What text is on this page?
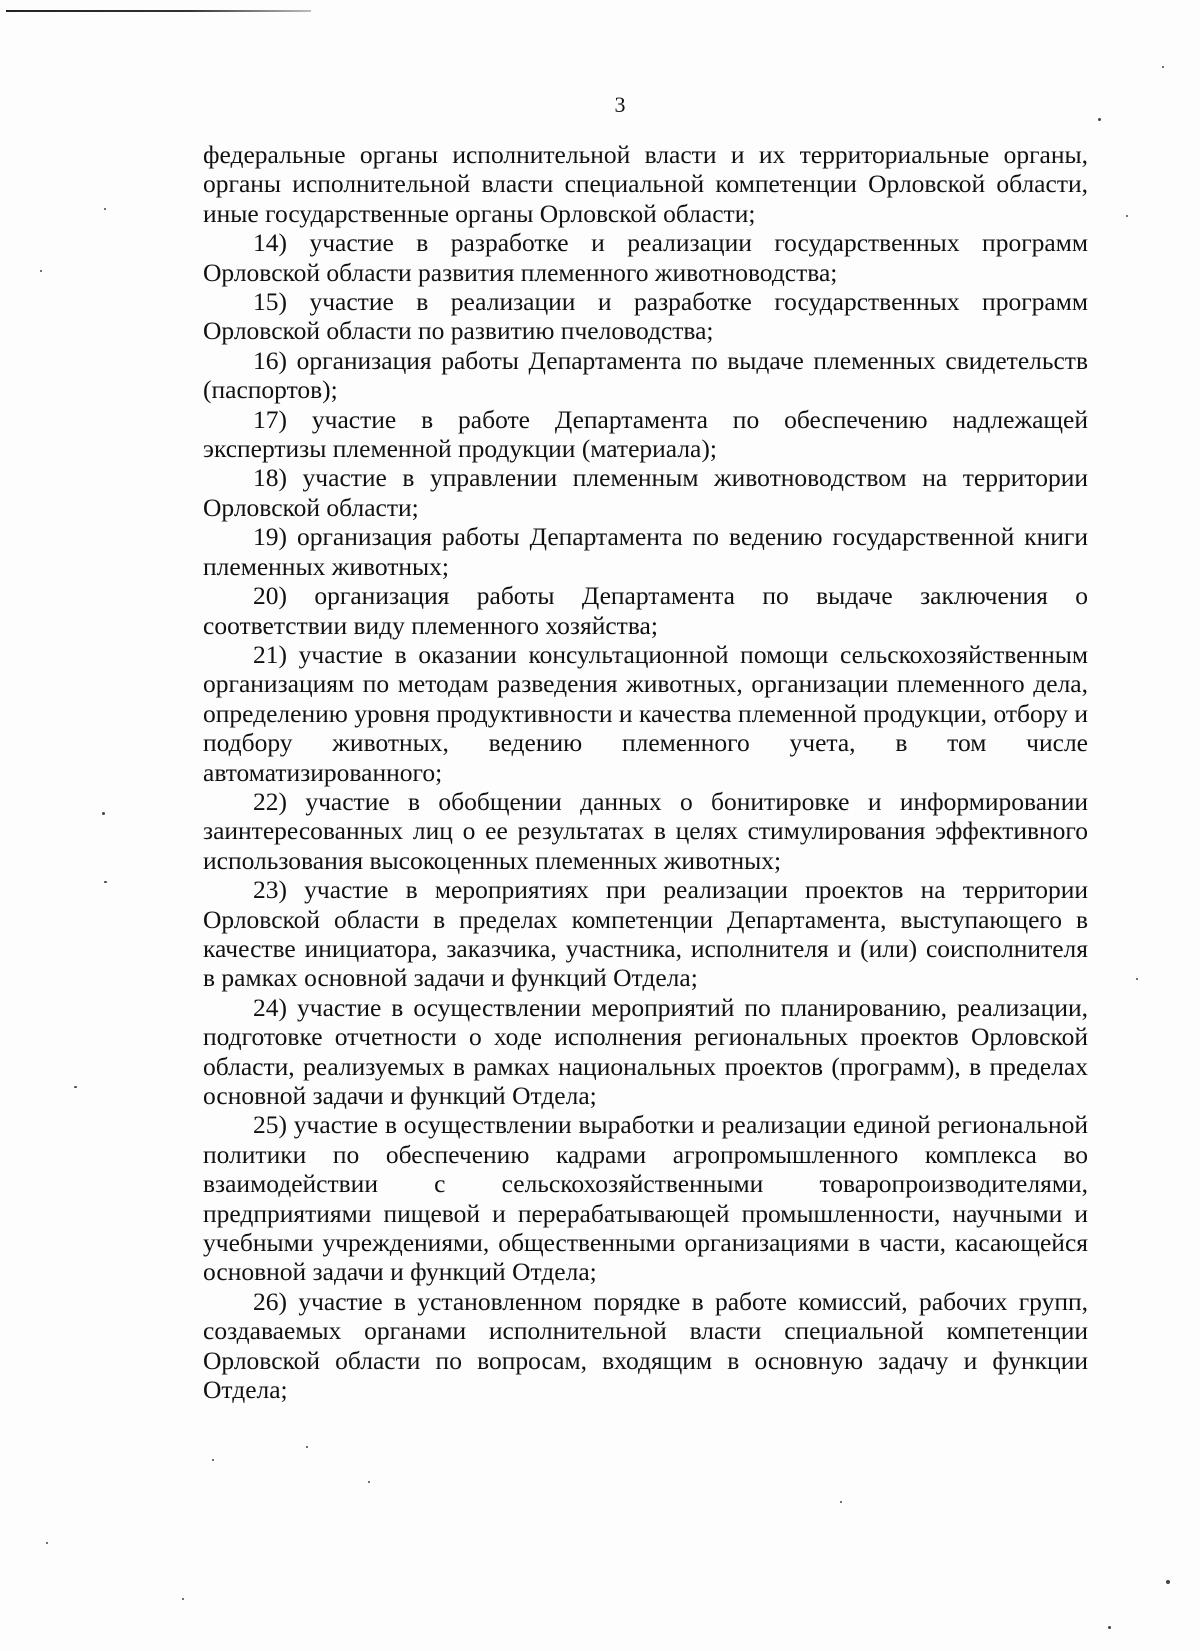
3

федеральные органы исполнительной власти и их территориальные органы, органы исполнительной власти специальной компетенции Орловской области, иные государственные органы Орловской области;

14) участие в разработке и реализации государственных программ Орловской области развития племенного животноводства;

15) участие в реализации и разработке государственных программ Орловской области по развитию пчеловодства;

16) организация работы Департамента по выдаче племенных свидетельств (паспортов);

17) участие в работе Департамента по обеспечению надлежащей экспертизы племенной продукции (материала);

18) участие в управлении племенным животноводством на территории Орловской области;

19) организация работы Департамента по ведению государственной книги племенных животных;

20) организация работы Департамента по выдаче заключения о соответствии виду племенного хозяйства;

21) участие в оказании консультационной помощи сельскохозяйственным организациям по методам разведения животных, организации племенного дела, определению уровня продуктивности и качества племенной продукции, отбору и подбору животных, ведению племенного учета, в том числе автоматизированного;

22) участие в обобщении данных о бонитировке и информировании заинтересованных лиц о ее результатах в целях стимулирования эффективного использования высокоценных племенных животных;

23) участие в мероприятиях при реализации проектов на территории Орловской области в пределах компетенции Департамента, выступающего в качестве инициатора, заказчика, участника, исполнителя и (или) соисполнителя в рамках основной задачи и функций Отдела;

24) участие в осуществлении мероприятий по планированию, реализации, подготовке отчетности о ходе исполнения региональных проектов Орловской области, реализуемых в рамках национальных проектов (программ), в пределах основной задачи и функций Отдела;

25) участие в осуществлении выработки и реализации единой региональной политики по обеспечению кадрами агропромышленного комплекса во взаимодействии с сельскохозяйственными товаропроизводителями, предприятиями пищевой и перерабатывающей промышленности, научными и учебными учреждениями, общественными организациями в части, касающейся основной задачи и функций Отдела;

26) участие в установленном порядке в работе комиссий, рабочих групп, создаваемых органами исполнительной власти специальной компетенции Орловской области по вопросам, входящим в основную задачу и функции Отдела;
